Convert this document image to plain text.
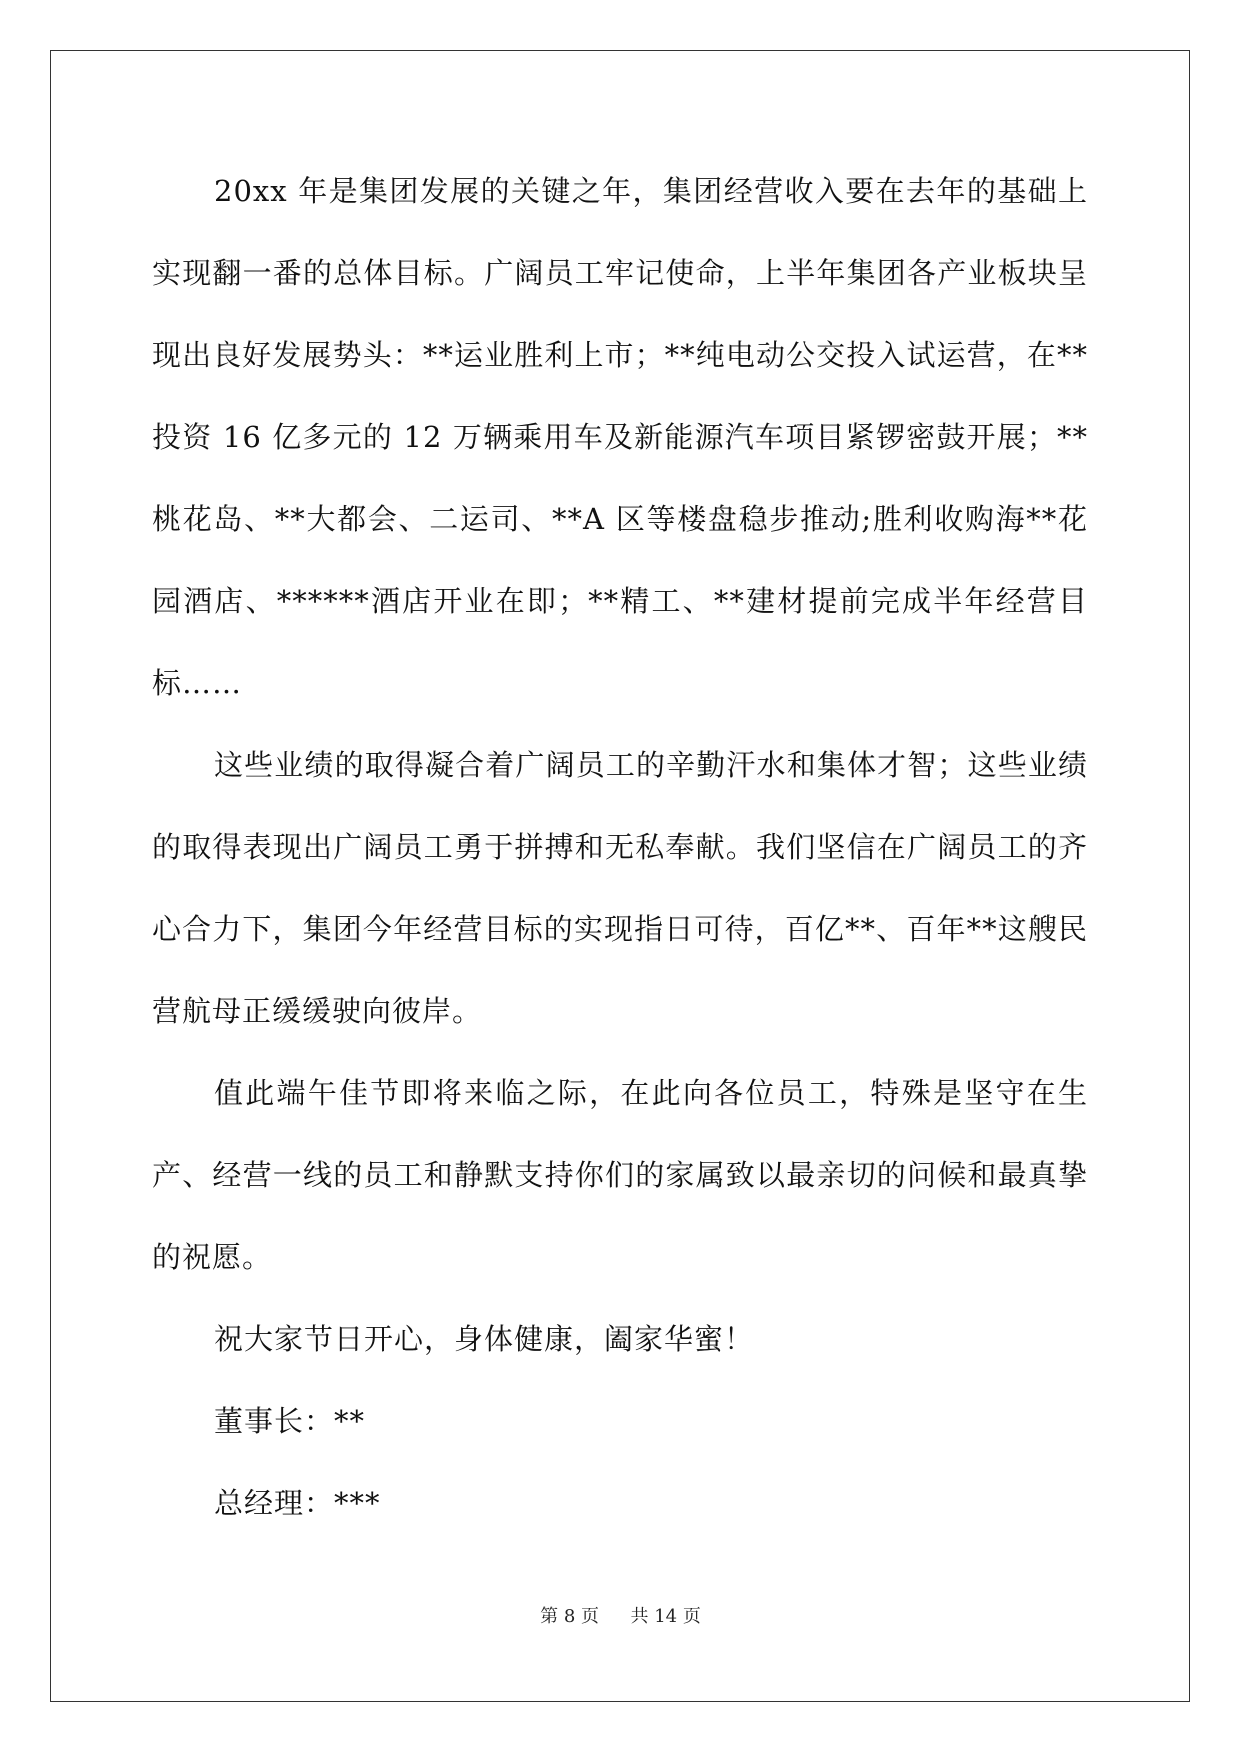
20xx 年是集团发展的关键之年，集团经营收入要在去年的基础上实现翻一番的总体目标。广阔员工牢记使命，上半年集团各产业板块呈现出良好发展势头：**运业胜利上市；**纯电动公交投入试运营，在**投资 16 亿多元的 12 万辆乘用车及新能源汽车项目紧锣密鼓开展；**桃花岛、**大都会、二运司、**A 区等楼盘稳步推动;胜利收购海**花园酒店、******酒店开业在即；**精工、**建材提前完成半年经营目标……

这些业绩的取得凝合着广阔员工的辛勤汗水和集体才智；这些业绩的取得表现出广阔员工勇于拼搏和无私奉献。我们坚信在广阔员工的齐心合力下，集团今年经营目标的实现指日可待，百亿**、百年**这艘民营航母正缓缓驶向彼岸。

值此端午佳节即将来临之际，在此向各位员工，特殊是坚守在生产、经营一线的员工和静默支持你们的家属致以最亲切的问候和最真挚的祝愿。

祝大家节日开心，身体健康，阖家华蜜！

董事长：**

总经理：***

第 8 页 共 14 页
